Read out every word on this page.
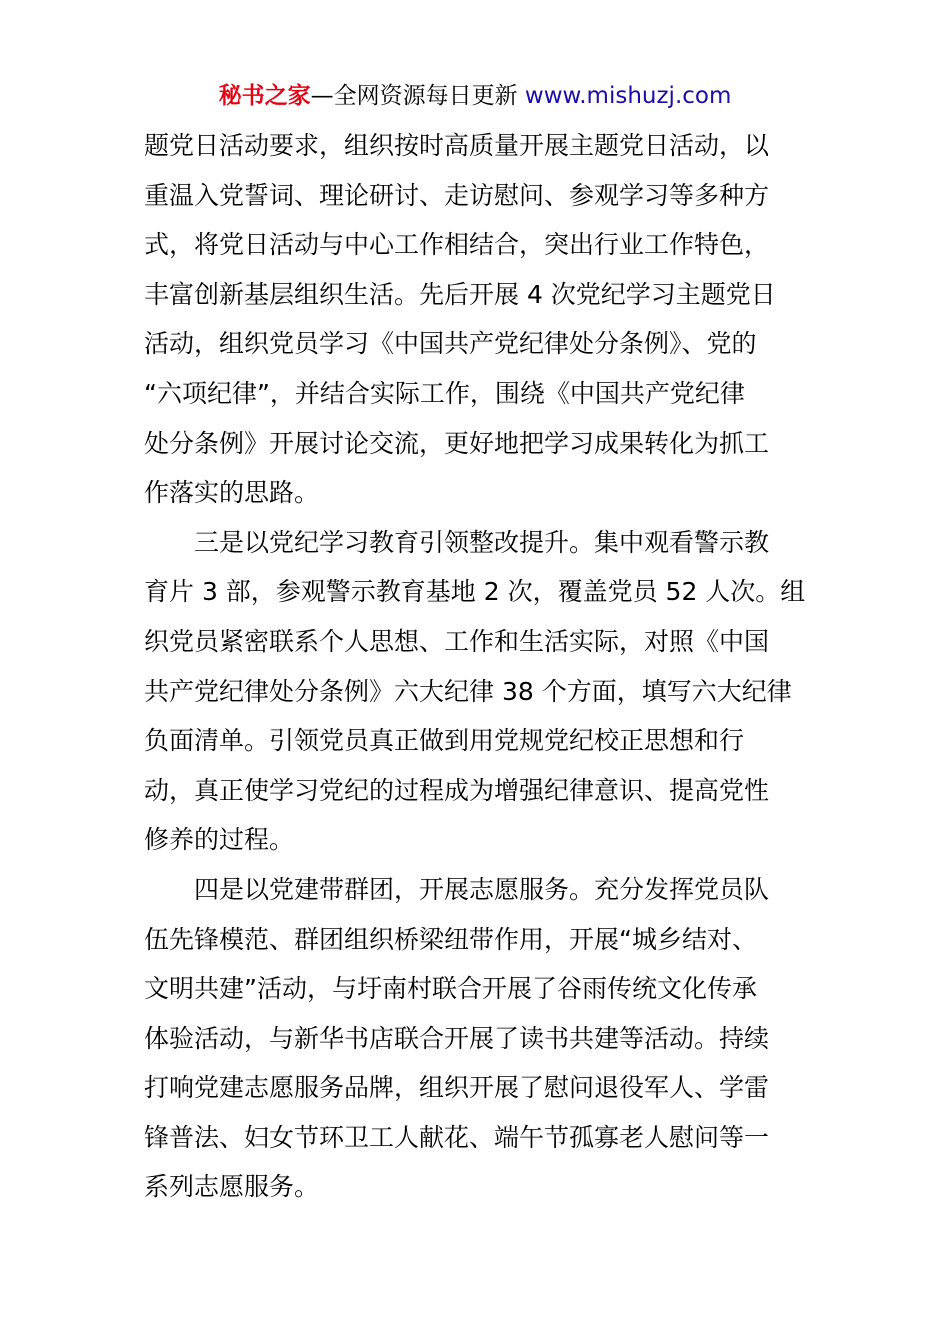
秘书之家—全网资源每日更新 www.mishuzj.com
题党日活动要求，组织按时高质量开展主题党日活动，以
重温入党誓词、理论研讨、走访慰问、参观学习等多种方
式，将党日活动与中心工作相结合，突出行业工作特色，
丰富创新基层组织生活。先后开展 4 次党纪学习主题党日
活动，组织党员学习《中国共产党纪律处分条例》、党的
“六项纪律”，并结合实际工作，围绕《中国共产党纪律
处分条例》开展讨论交流，更好地把学习成果转化为抓工
作落实的思路。
三是以党纪学习教育引领整改提升。集中观看警示教
育片 3 部，参观警示教育基地 2 次，覆盖党员 52 人次。组
织党员紧密联系个人思想、工作和生活实际，对照《中国
共产党纪律处分条例》六大纪律 38 个方面，填写六大纪律
负面清单。引领党员真正做到用党规党纪校正思想和行
动，真正使学习党纪的过程成为增强纪律意识、提高党性
修养的过程。
四是以党建带群团，开展志愿服务。充分发挥党员队
伍先锋模范、群团组织桥梁纽带作用，开展“城乡结对、
文明共建”活动，与圩南村联合开展了谷雨传统文化传承
体验活动，与新华书店联合开展了读书共建等活动。持续
打响党建志愿服务品牌，组织开展了慰问退役军人、学雷
锋普法、妇女节环卫工人献花、端午节孤寡老人慰问等一
系列志愿服务。
